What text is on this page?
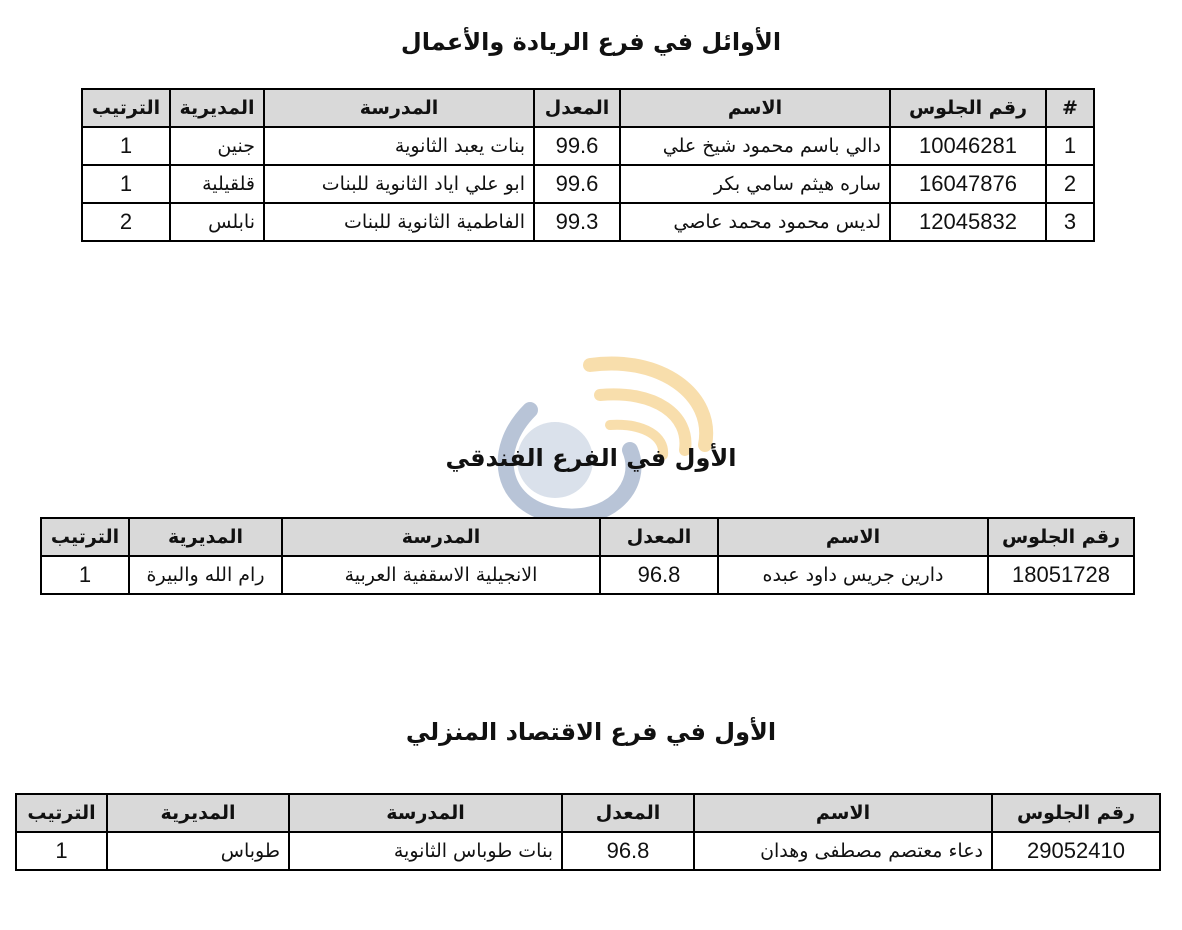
الأوائل في فرع الريادة والأعمال
#	رقم الجلوس	الاسم	المعدل	المدرسة	المديرية	الترتيب
1	10046281	دالي باسم محمود شيخ علي	99.6	بنات يعبد الثانوية	جنين	1
2	16047876	ساره هيثم سامي بكر	99.6	ابو علي اياد الثانوية للبنات	قلقيلية	1
3	12045832	لديس محمود محمد عاصي	99.3	الفاطمية الثانوية للبنات	نابلس	2
الأول في الفرع الفندقي
رقم الجلوس	الاسم	المعدل	المدرسة	المديرية	الترتيب
18051728	دارين جريس داود عبده	96.8	الانجيلية الاسقفية العربية	رام الله والبيرة	1
الأول في فرع الاقتصاد المنزلي
رقم الجلوس	الاسم	المعدل	المدرسة	المديرية	الترتيب
29052410	دعاء معتصم مصطفى وهدان	96.8	بنات طوباس الثانوية	طوباس	1
